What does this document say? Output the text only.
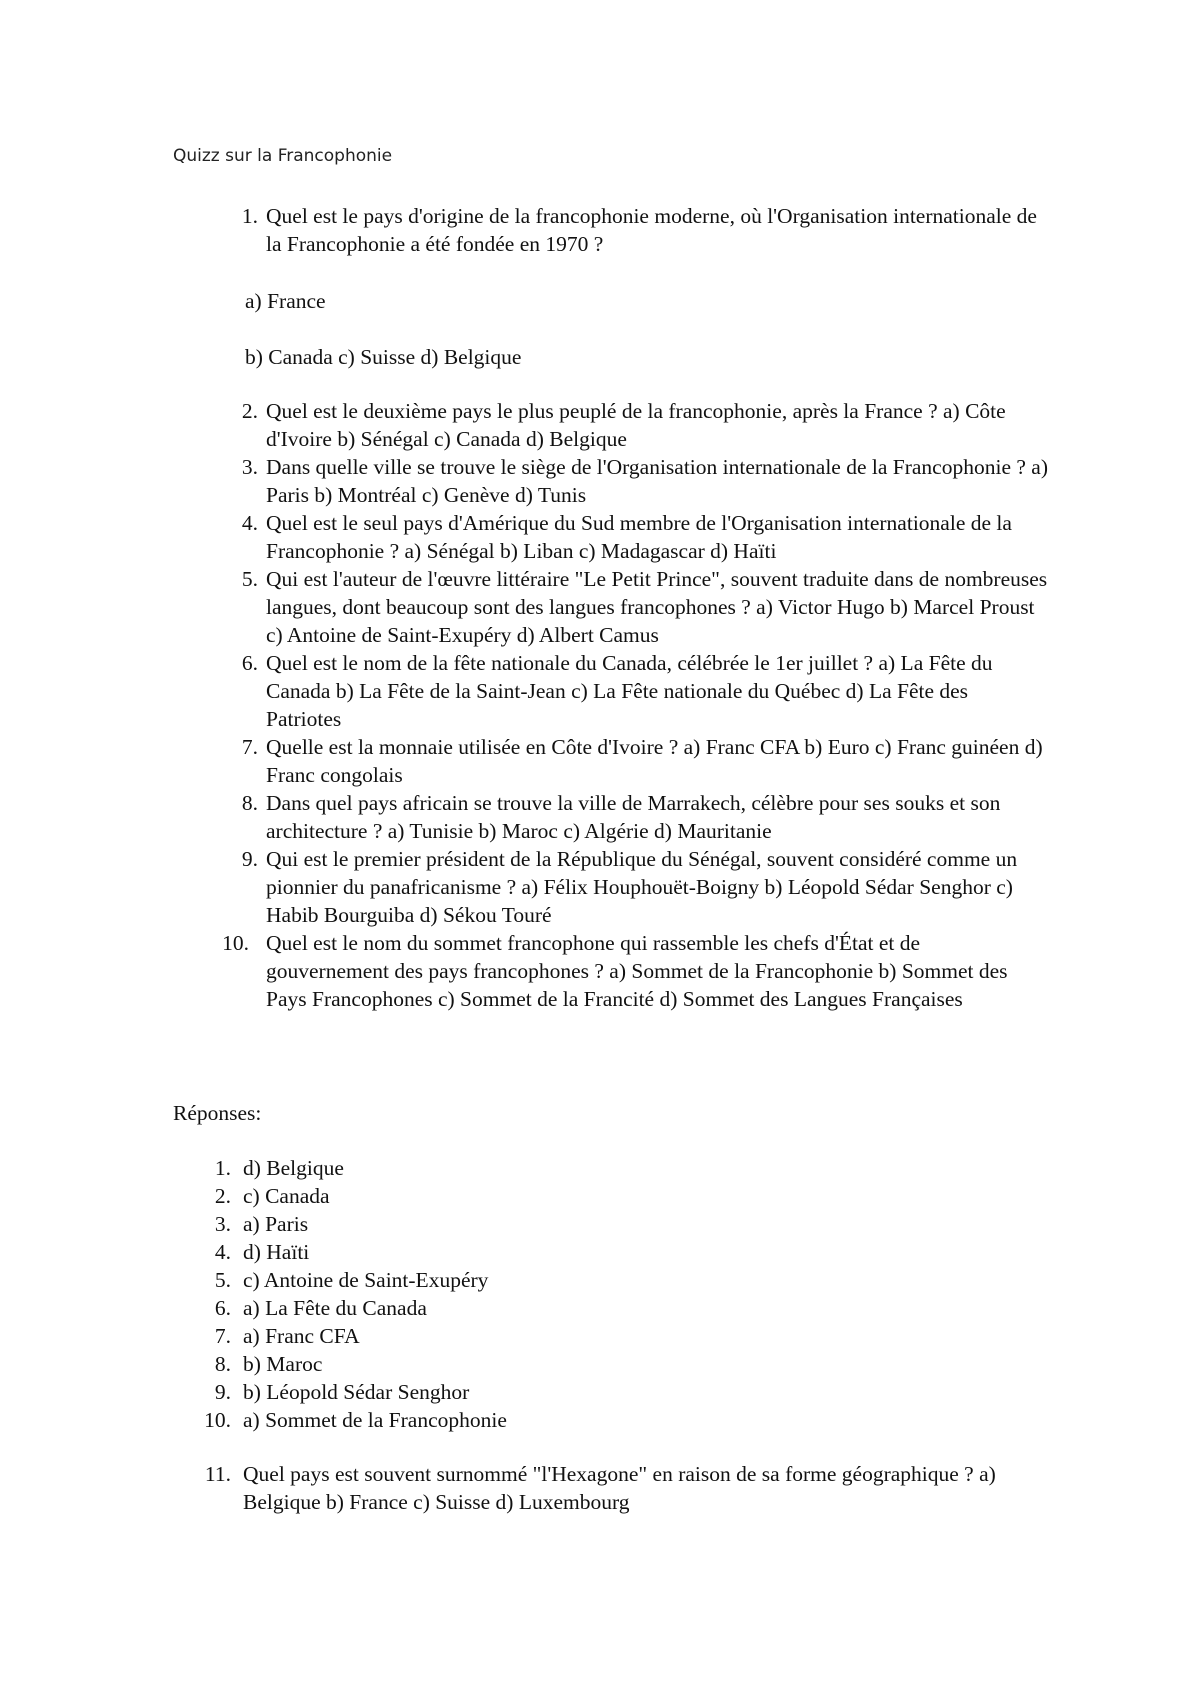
Quizz sur la Francophonie
1. Quel est le pays d'origine de la francophonie moderne, où l'Organisation internationale de la Francophonie a été fondée en 1970 ?
a) France
b) Canada c) Suisse d) Belgique
2. Quel est le deuxième pays le plus peuplé de la francophonie, après la France ? a) Côte d'Ivoire b) Sénégal c) Canada d) Belgique
3. Dans quelle ville se trouve le siège de l'Organisation internationale de la Francophonie ? a) Paris b) Montréal c) Genève d) Tunis
4. Quel est le seul pays d'Amérique du Sud membre de l'Organisation internationale de la Francophonie ? a) Sénégal b) Liban c) Madagascar d) Haïti
5. Qui est l'auteur de l'œuvre littéraire "Le Petit Prince", souvent traduite dans de nombreuses langues, dont beaucoup sont des langues francophones ? a) Victor Hugo b) Marcel Proust c) Antoine de Saint-Exupéry d) Albert Camus
6. Quel est le nom de la fête nationale du Canada, célébrée le 1er juillet ? a) La Fête du Canada b) La Fête de la Saint-Jean c) La Fête nationale du Québec d) La Fête des Patriotes
7. Quelle est la monnaie utilisée en Côte d'Ivoire ? a) Franc CFA b) Euro c) Franc guinéen d) Franc congolais
8. Dans quel pays africain se trouve la ville de Marrakech, célèbre pour ses souks et son architecture ? a) Tunisie b) Maroc c) Algérie d) Mauritanie
9. Qui est le premier président de la République du Sénégal, souvent considéré comme un pionnier du panafricanisme ? a) Félix Houphouët-Boigny b) Léopold Sédar Senghor c) Habib Bourguiba d) Sékou Touré
10. Quel est le nom du sommet francophone qui rassemble les chefs d'État et de gouvernement des pays francophones ? a) Sommet de la Francophonie b) Sommet des Pays Francophones c) Sommet de la Francité d) Sommet des Langues Françaises
Réponses:
1. d) Belgique
2. c) Canada
3. a) Paris
4. d) Haïti
5. c) Antoine de Saint-Exupéry
6. a) La Fête du Canada
7. a) Franc CFA
8. b) Maroc
9. b) Léopold Sédar Senghor
10. a) Sommet de la Francophonie
11. Quel pays est souvent surnommé "l'Hexagone" en raison de sa forme géographique ? a) Belgique b) France c) Suisse d) Luxembourg
